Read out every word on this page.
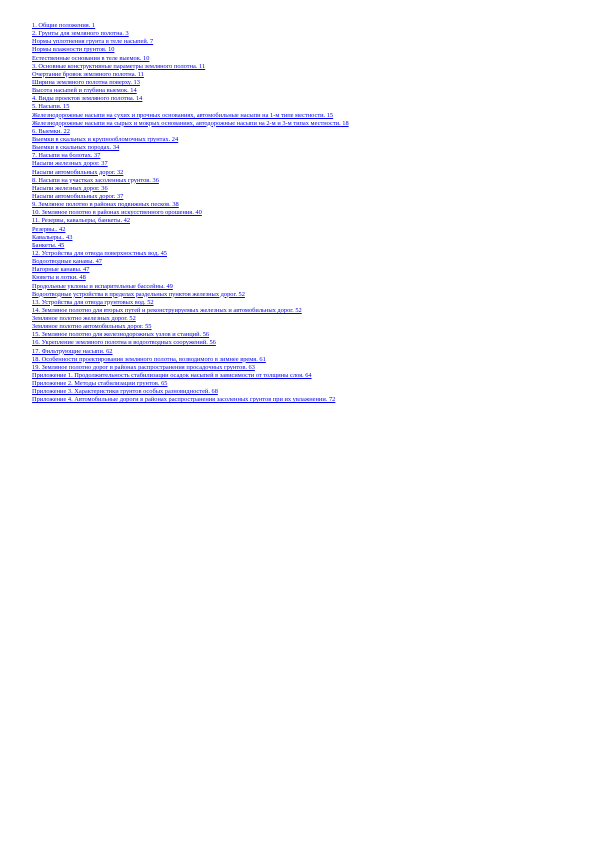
1. Общие положения. 1
2. Грунты для земляного полотна. 3
Нормы уплотнения грунта в теле насыпей. 7
Нормы влажности грунтов. 10
Естественные основания в теле выемок. 10
3. Основные конструктивные параметры земляного полотна. 11
Очертание бровок земляного полотна. 11
Ширина земляного полотна поверху. 13
Высота насыпей и глубина выемок. 14
4. Виды проектов земляного полотна. 14
5. Насыпи. 15
Железнодорожные насыпи на сухих и прочных основаниях, автомобильные насыпи на 1-м типе местности. 15
Железнодорожные насыпи на сырых и мокрых основаниях, автодорожные насыпи на 2-м и 3-м типах местности. 18
6. Выемки. 22
Выемки в скальных и крупнообломочных грунтах. 24
Выемки в скальных породах. 34
7. Насыпи на болотах. 37
Насыпи железных дорог. 37
Насыпи автомобильных дорог. 32
8. Насыпи на участках засоленных грунтов. 36
Насыпи железных дорог. 36
Насыпи автомобильных дорог. 37
9. Земляное полотно в районах подвижных песков. 38
10. Земляное полотно в районах искусственного орошения. 40
11. Резервы, кавальеры, банкеты. 42
Резервы.. 42
Кавальеры.. 43
Банкеты. 45
12. Устройства для отвода поверхностных вод. 45
Водоотводные канавы. 47
Нагорные канавы. 47
Кюветы и лотки. 48
Продольные уклоны и испарительные бассейны. 49
Водоотводные устройства в пределах раздельных пунктов железных дорог. 52
13. Устройства для отвода грунтовых вод. 52
14. Земляное полотно для вторых путей и реконструируемых железных и автомобильных дорог. 52
Земляное полотно железных дорог. 52
Земляное полотно автомобильных дорог. 55
15. Земляное полотно для железнодорожных узлов и станций. 56
16. Укрепление земляного полотна и водоотводных сооружений. 56
17. Фильтрующие насыпи. 62
18. Особенности проектирования земляного полотна, возводимого в зимнее время. 61
19. Земляное полотно дорог в районах распространения просадочных грунтов. 63
Приложение 1. Продолжительность стабилизации осадок насыпей в зависимости от толщины слоя. 64
Приложение 2. Методы стабилизации грунтов. 65
Приложение 3. Характеристики грунтов особых разновидностей. 68
Приложение 4. Автомобильные дороги в районах распространения засоленных грунтов при их увлажнении. 72
